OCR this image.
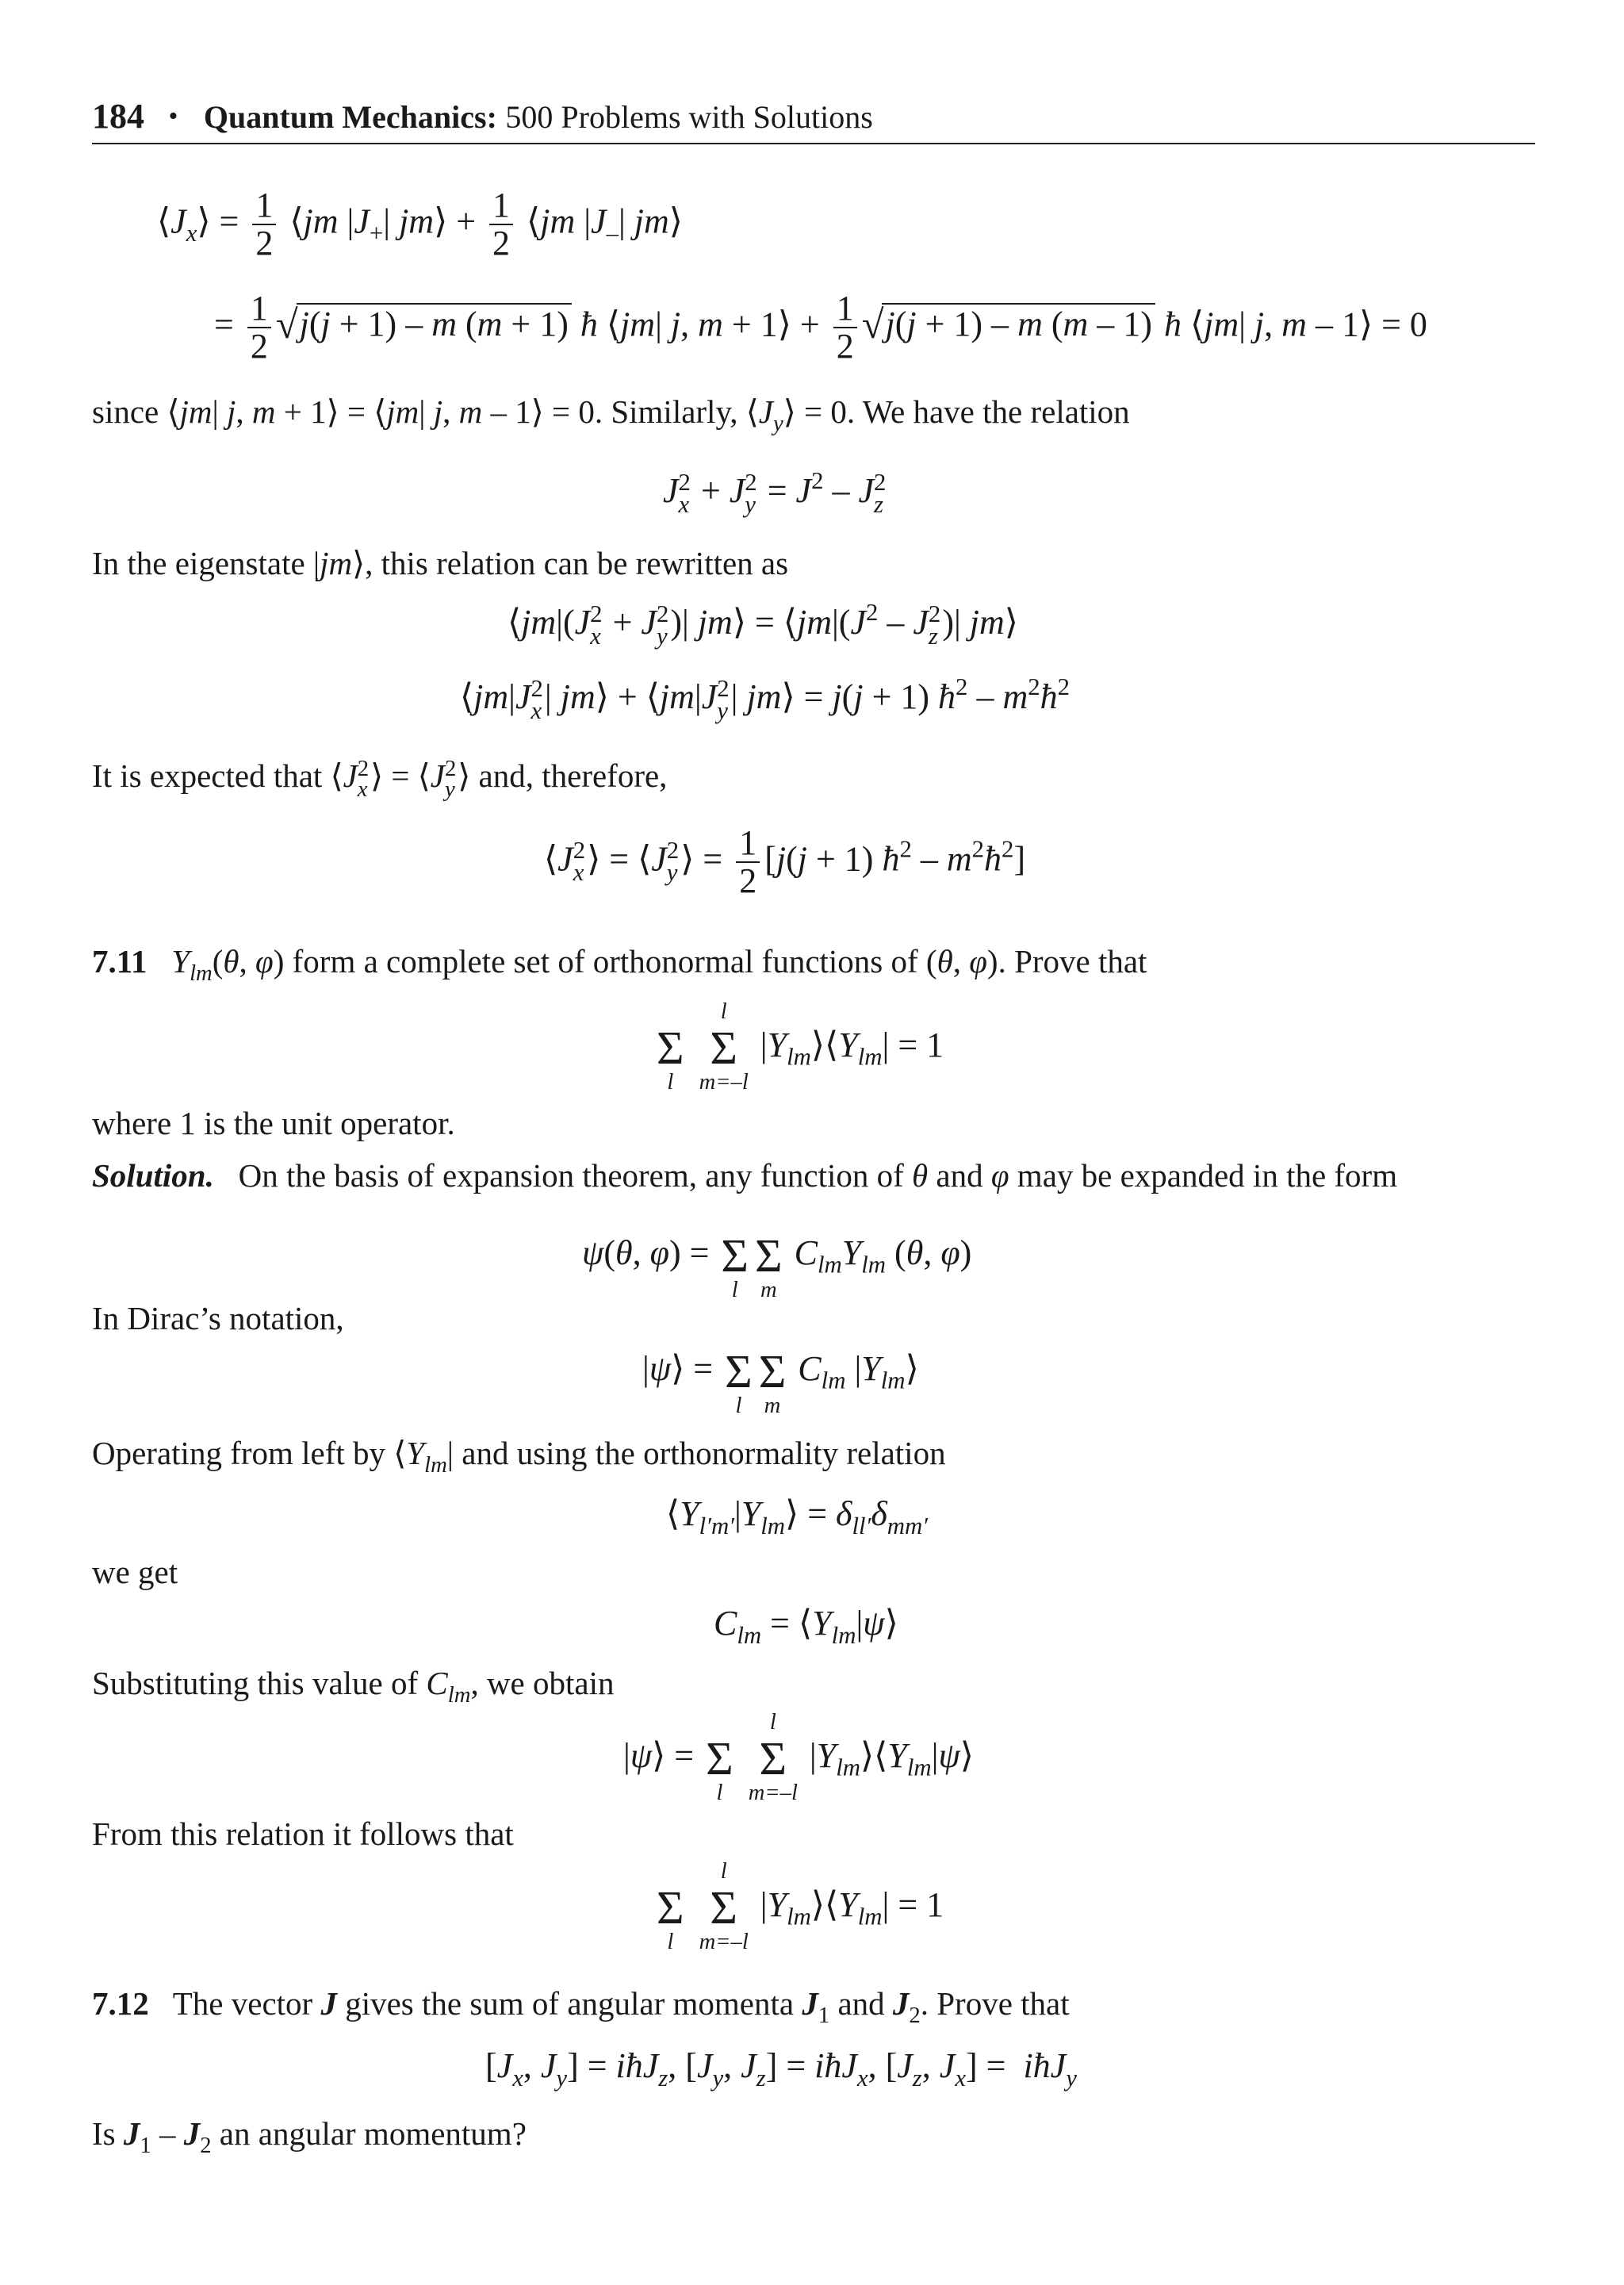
184 • Quantum Mechanics: 500 Problems with Solutions
$⟨J_x⟩ = \frac{1}{2}$ ⟨jm $|J_+|$ jm⟩ + $\frac{1}{2}$ ⟨jm $|J_-|$ jm⟩
= $\frac{1}{2} √j(j + 1) - m$ (m + 1) ħ ⟨jm| j, m + 1⟩ + $\frac{1}{2} √j(j + 1) - m$ (m – 1) ħ ⟨jm| j, m – 1⟩ = 0
since ⟨jm| j, m + 1⟩ = ⟨jm| j, m – 1⟩ = 0. Similarly, $⟨J_y⟩ = 0$. We have the relation
J 2
x + J 2
$y = J^2 - J$ 2
z
In the eigenstate |jm⟩, this relation can be rewritten as
⟨jm|(J 2
x + J 2
y )| jm⟩ = $⟨jm|(J^2$ – J 2
z )| jm⟩
⟨jm|J 2
x | jm⟩ + ⟨jm|J 2
y | jm⟩ = j(j + 1) $ħ^2$ – $m^2ħ^2$
It is expected that ⟨J 2
x ⟩ = ⟨J 2
y ⟩ and, therefore,
⟨J 2
x ⟩ = ⟨J 2
y ⟩ = $\frac{1}{2} [j(j + 1)$ $ħ^2$ – $m^2ħ^2$]
7.11 $Y_{lm}(\theta$, φ) form a complete set of orthonormal functions of (θ, φ). Prove that

Σ
l

l
Σ
m=–l
$|Y_{lm}⟩⟨Y_{lm}| = 1$
where 1 is the unit operator.
Solution. On the basis of expansion theorem, any function of θ and φ may be expanded in the form
ψ(θ, φ) =
Σ
l

Σ
m
$C_{lm}Y_{lm}$ (θ, φ)
In Dirac’s notation,
|ψ⟩ =
Σ
l

Σ
m
$C_{lm}$ $|Y_{lm}⟩$
Operating from left by $⟨Y_{lm}|$ and using the orthonormality relation
$⟨Y_{l'm'}|Y_{lm}⟩ = \delta_{ll'}\delta_{mm'}$
we get
$C_{lm}$ = $⟨Y_{lm}|\psi⟩$
Substituting this value of $C_{lm}$, we obtain
|ψ⟩ =
Σ
l

l
Σ
m=–l
$|Y_{lm}⟩⟨Y_{lm}|\psi⟩$
From this relation it follows that

Σ
l

l
Σ
m=–l
$|Y_{lm}⟩⟨Y_{lm}| = 1$
7.12 The vector J gives the sum of angular momenta $J_1$ and $J_2$. Prove that
[$J_x$, $J_y$] = iħJ$_z$, [$J_y$, $J_z$] = iħJ$_x$, [$J_z$, $J_x$] =  iħJ$_y$
Is $J_1 - J_2$ an angular momentum?
